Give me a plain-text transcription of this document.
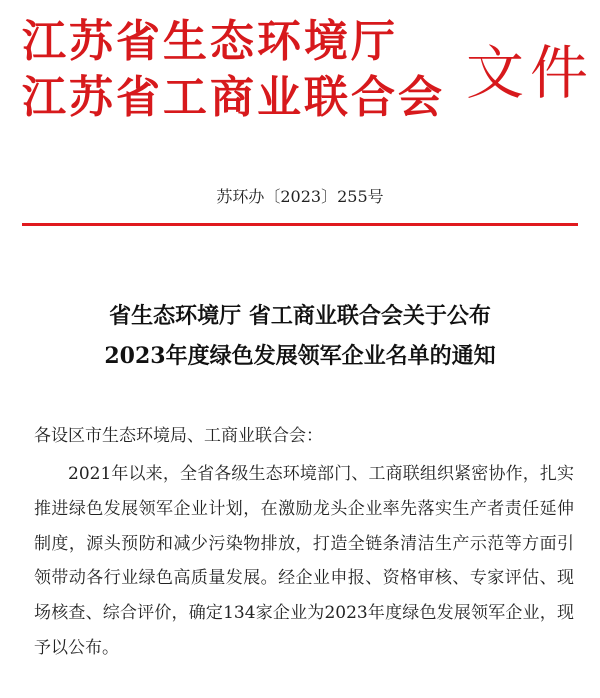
江苏省生态环境厅
江苏省工商业联合会 文件
苏环办〔2023〕255号
省生态环境厅 省工商业联合会关于公布
2023年度绿色发展领军企业名单的通知
各设区市生态环境局、工商业联合会：

2021年以来，全省各级生态环境部门、工商联组织紧密协作，扎实推进绿色发展领军企业计划，在激励龙头企业率先落实生产者责任延伸制度，源头预防和减少污染物排放，打造全链条清洁生产示范等方面引领带动各行业绿色高质量发展。经企业申报、资格审核、专家评估、现场核查、综合评价，确定134家企业为2023年度绿色发展领军企业，现予以公布。
